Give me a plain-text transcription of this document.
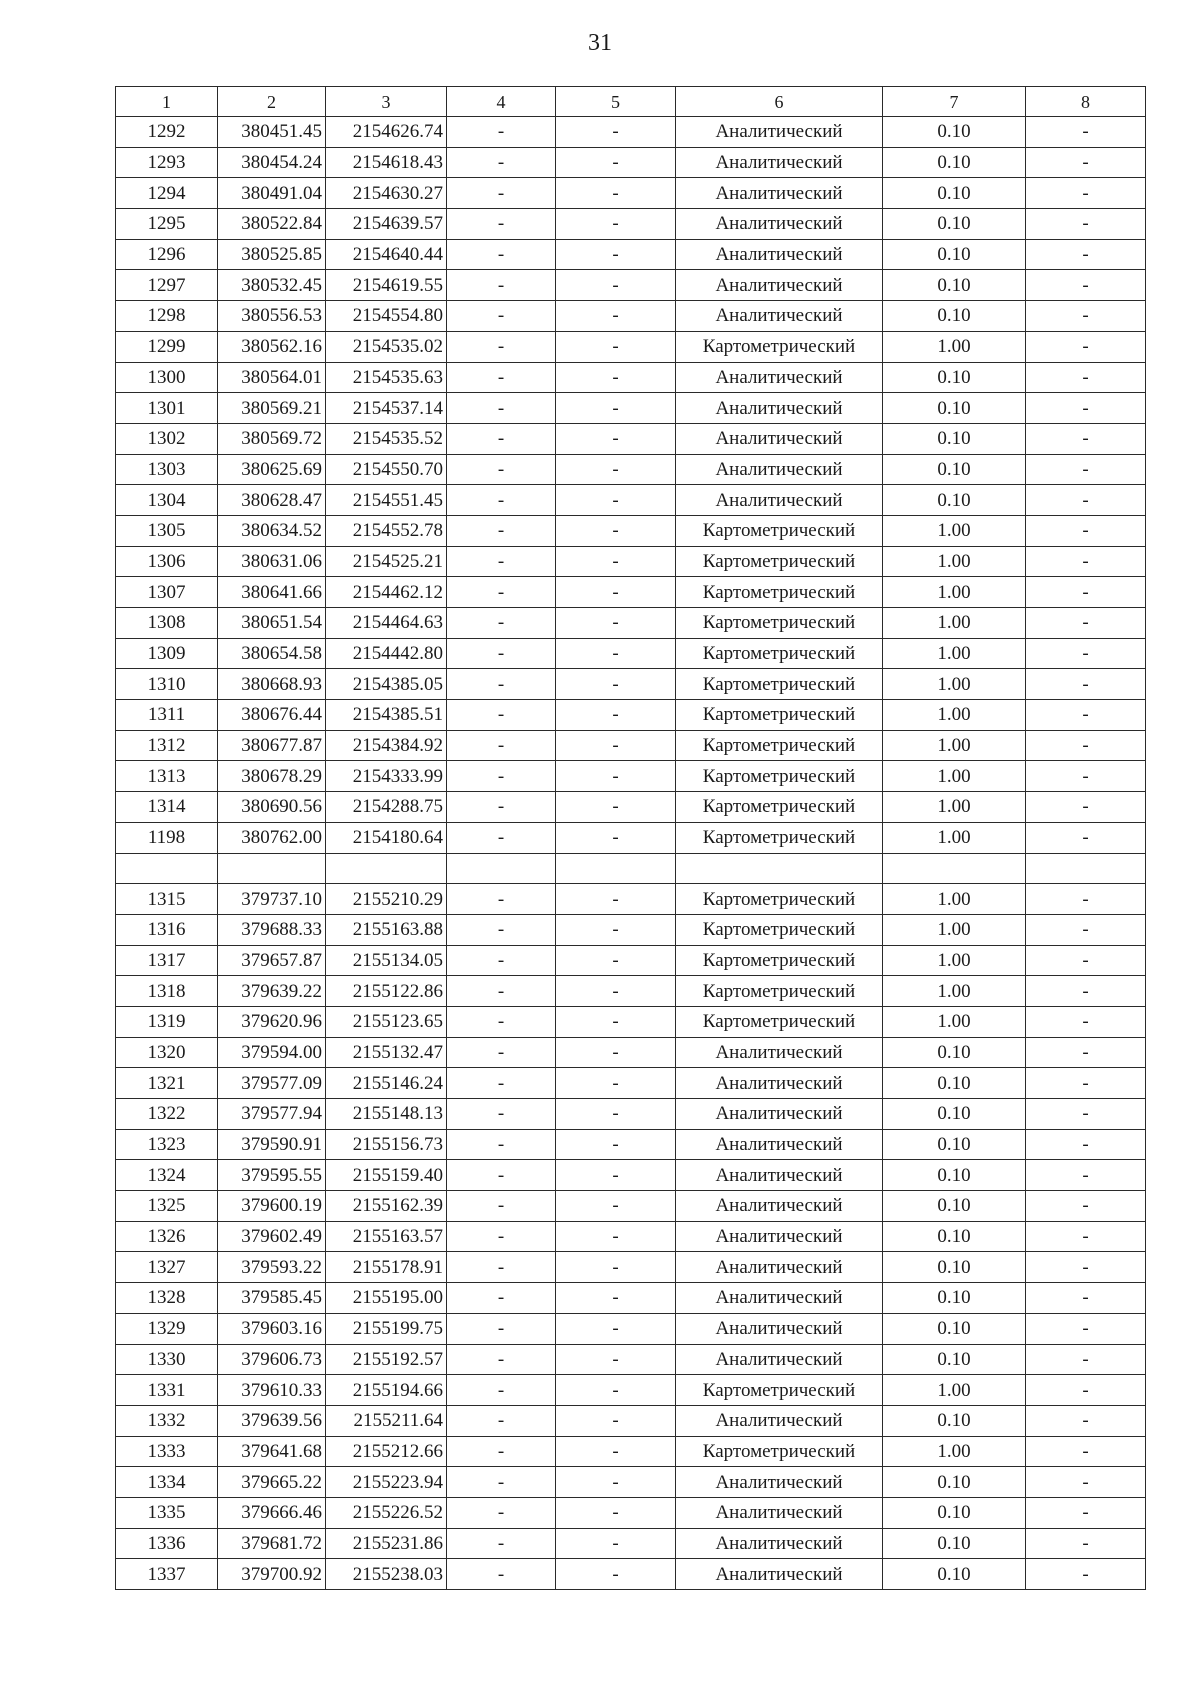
31
1	2	3	4	5	6	7	8
1292	380451.45	2154626.74	-	-	Аналитический	0.10	-
1293	380454.24	2154618.43	-	-	Аналитический	0.10	-
1294	380491.04	2154630.27	-	-	Аналитический	0.10	-
1295	380522.84	2154639.57	-	-	Аналитический	0.10	-
1296	380525.85	2154640.44	-	-	Аналитический	0.10	-
1297	380532.45	2154619.55	-	-	Аналитический	0.10	-
1298	380556.53	2154554.80	-	-	Аналитический	0.10	-
1299	380562.16	2154535.02	-	-	Картометрический	1.00	-
1300	380564.01	2154535.63	-	-	Аналитический	0.10	-
1301	380569.21	2154537.14	-	-	Аналитический	0.10	-
1302	380569.72	2154535.52	-	-	Аналитический	0.10	-
1303	380625.69	2154550.70	-	-	Аналитический	0.10	-
1304	380628.47	2154551.45	-	-	Аналитический	0.10	-
1305	380634.52	2154552.78	-	-	Картометрический	1.00	-
1306	380631.06	2154525.21	-	-	Картометрический	1.00	-
1307	380641.66	2154462.12	-	-	Картометрический	1.00	-
1308	380651.54	2154464.63	-	-	Картометрический	1.00	-
1309	380654.58	2154442.80	-	-	Картометрический	1.00	-
1310	380668.93	2154385.05	-	-	Картометрический	1.00	-
1311	380676.44	2154385.51	-	-	Картометрический	1.00	-
1312	380677.87	2154384.92	-	-	Картометрический	1.00	-
1313	380678.29	2154333.99	-	-	Картометрический	1.00	-
1314	380690.56	2154288.75	-	-	Картометрический	1.00	-
1198	380762.00	2154180.64	-	-	Картометрический	1.00	-

1315	379737.10	2155210.29	-	-	Картометрический	1.00	-
1316	379688.33	2155163.88	-	-	Картометрический	1.00	-
1317	379657.87	2155134.05	-	-	Картометрический	1.00	-
1318	379639.22	2155122.86	-	-	Картометрический	1.00	-
1319	379620.96	2155123.65	-	-	Картометрический	1.00	-
1320	379594.00	2155132.47	-	-	Аналитический	0.10	-
1321	379577.09	2155146.24	-	-	Аналитический	0.10	-
1322	379577.94	2155148.13	-	-	Аналитический	0.10	-
1323	379590.91	2155156.73	-	-	Аналитический	0.10	-
1324	379595.55	2155159.40	-	-	Аналитический	0.10	-
1325	379600.19	2155162.39	-	-	Аналитический	0.10	-
1326	379602.49	2155163.57	-	-	Аналитический	0.10	-
1327	379593.22	2155178.91	-	-	Аналитический	0.10	-
1328	379585.45	2155195.00	-	-	Аналитический	0.10	-
1329	379603.16	2155199.75	-	-	Аналитический	0.10	-
1330	379606.73	2155192.57	-	-	Аналитический	0.10	-
1331	379610.33	2155194.66	-	-	Картометрический	1.00	-
1332	379639.56	2155211.64	-	-	Аналитический	0.10	-
1333	379641.68	2155212.66	-	-	Картометрический	1.00	-
1334	379665.22	2155223.94	-	-	Аналитический	0.10	-
1335	379666.46	2155226.52	-	-	Аналитический	0.10	-
1336	379681.72	2155231.86	-	-	Аналитический	0.10	-
1337	379700.92	2155238.03	-	-	Аналитический	0.10	-
